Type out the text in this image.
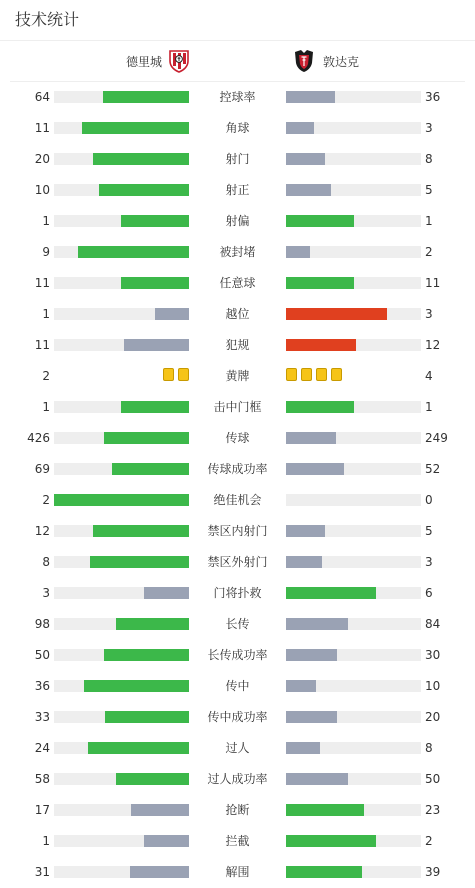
技术统计
德里城	敦达克
64	控球率	36
11	角球	3
20	射门	8
10	射正	5
1	射偏	1
9	被封堵	2
11	任意球	11
1	越位	3
11	犯规	12
2	黄牌	4
1	击中门框	1
426	传球	249
69	传球成功率	52
2	绝佳机会	0
12	禁区内射门	5
8	禁区外射门	3
3	门将扑救	6
98	长传	84
50	长传成功率	30
36	传中	10
33	传中成功率	20
24	过人	8
58	过人成功率	50
17	抢断	23
1	拦截	2
31	解围	39
